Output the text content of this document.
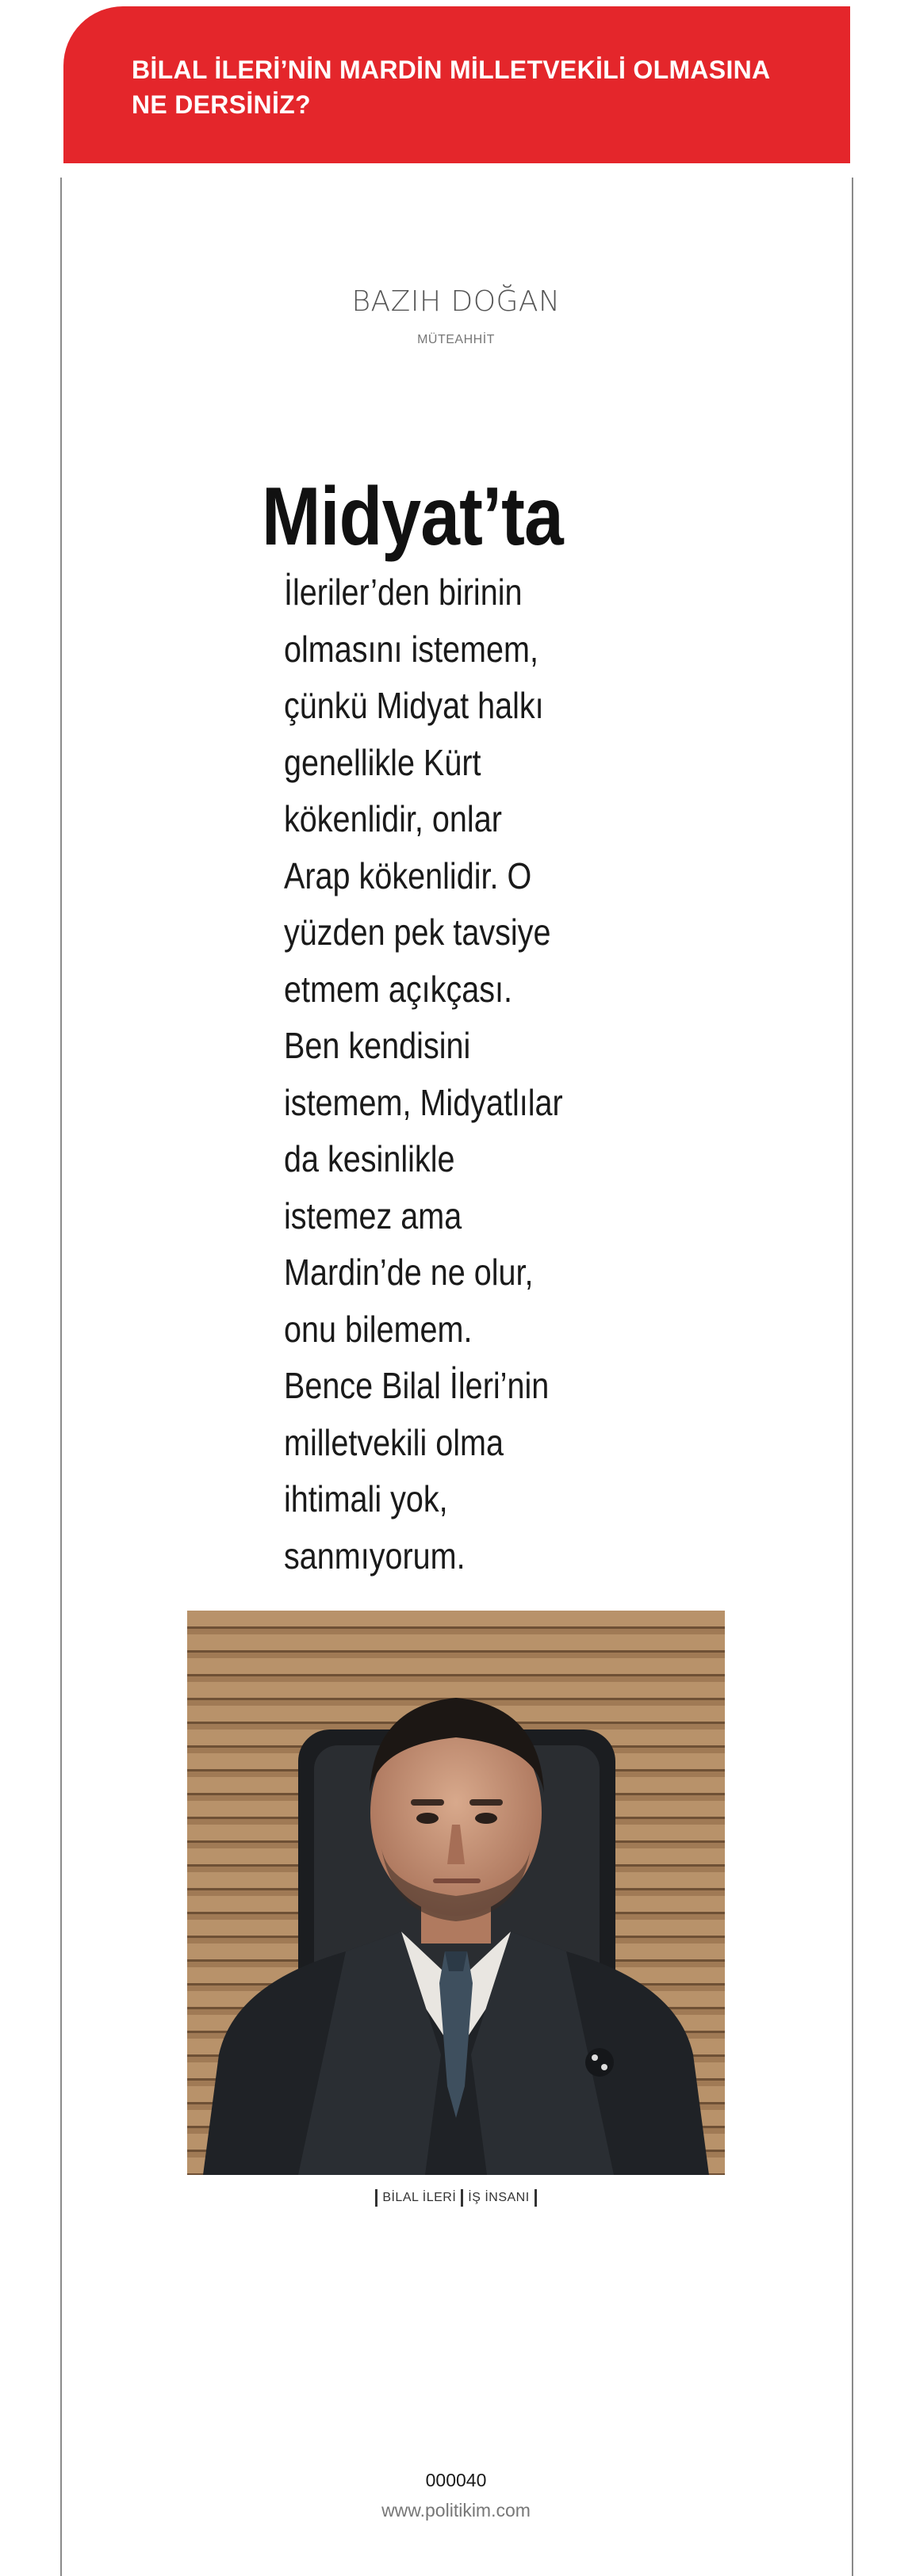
BİLAL İLERİ’NİN MARDİN MİLLETVEKİLİ OLMASINA
NE DERSİNİZ?
BAZIH DOĞAN
MÜTEAHHİT
Midyat’ta

İleriler’den birinin
olmasını istemem,
çünkü Midyat halkı
genellikle Kürt
kökenlidir, onlar
Arap kökenlidir. O
yüzden pek tavsiye
etmem açıkçası.
Ben kendisini
istemem, Midyatlılar
da kesinlikle
istemez ama
Mardin’de ne olur,
onu bilemem.
Bence Bilal İleri’nin
milletvekili olma
ihtimali yok,
sanmıyorum.

BİLAL İLERİ İŞ İNSANI
000040
www.politikim.com
